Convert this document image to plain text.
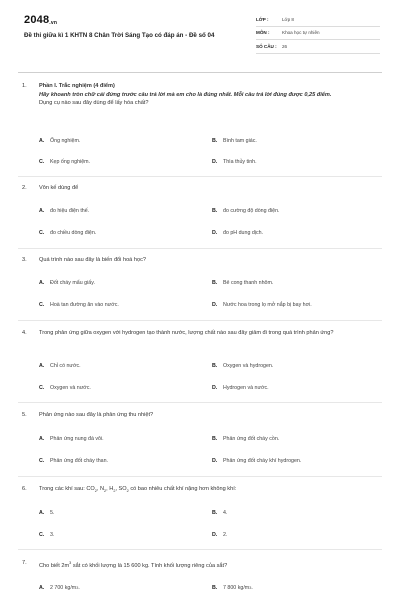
$2048_{.vn}$
Đề thi giữa kì 1 KHTN 8 Chân Trời Sáng Tạo có đáp án - Đề số 04
LỚP :	Lớp 8
MÔN :	Khoa học tự nhiên
SỐ CÂU :	26
1. Phần I. Trắc nghiệm (4 điểm)
Hãy khoanh tròn chữ cái đứng trước câu trả lời mà em cho là đúng nhất. Mỗi câu trả lời đúng được 0,25 điểm.
Dụng cụ nào sau đây dùng để lấy hóa chất?
A.	Ống nghiệm.	B.	Bình tam giác.
C.	Kẹp ống nghiệm.	D.	Thìa thủy tinh.
2. Vôn kế dùng để
A.	đo hiệu điện thế.	B.	đo cường độ dòng điện.
C.	đo chiều dòng điện.	D.	đo pH dung dịch.
3. Quá trình nào sau đây là biến đổi hoá học?
A.	Đốt cháy mẩu giấy.	B.	Bẻ cong thanh nhôm.
C.	Hoà tan đường ăn vào nước.	D.	Nước hoa trong lọ mở nắp bị bay hơi.
4. Trong phản ứng giữa oxygen với hydrogen tạo thành nước, lượng chất nào sau đây giảm đi trong quá trình phản ứng?
A.	Chỉ có nước.	B.	Oxygen và hydrogen.
C.	Oxygen và nước.	D.	Hydrogen và nước.
5. Phản ứng nào sau đây là phản ứng thu nhiệt?
A.	Phản ứng nung đá vôi.	B.	Phản ứng đốt cháy cồn.
C.	Phản ứng đốt cháy than.	D.	Phản ứng đốt cháy khí hydrogen.
6. Trong các khí sau: $CO_2$, $N_2$, $H_2$, $SO_2$ có bao nhiêu chất khí nặng hơn không khí:
A.	5.	B.	4.
C.	3.	D.	2.
7. Cho biết $2m^3$ sắt có khối lượng là 15 600 kg. Tính khối lượng riêng của sắt?
A.	2 700 kg/m 3 .	B.	7 800 kg/m 3 .
